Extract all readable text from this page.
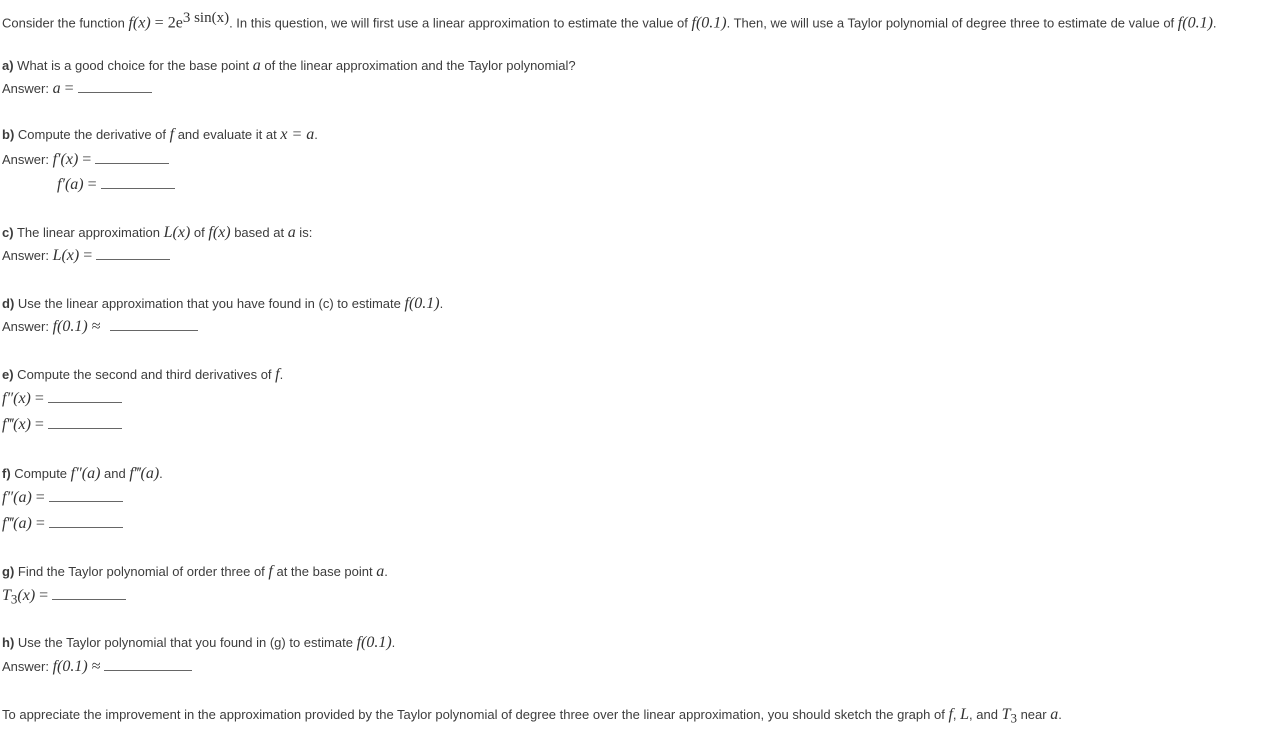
Consider the function $f(x) = 2e^{3 sin(x)}$. In this question, we will first use a linear approximation to estimate the value of f(0.1). Then, we will use a Taylor polynomial of degree three to estimate de value of f(0.1).
a) What is a good choice for the base point a of the linear approximation and the Taylor polynomial?
Answer: a =
b) Compute the derivative of f and evaluate it at x = a.
Answer: f′(x) =
f′(a) =
c) The linear approximation L(x) of f(x) based at a is:
Answer: L(x) =
d) Use the linear approximation that you have found in (c) to estimate f(0.1).
Answer: f(0.1) ≈
e) Compute the second and third derivatives of f.
f″(x) =
f‴(x) =
f) Compute f″(a) and f‴(a).
f″(a) =
f‴(a) =
g) Find the Taylor polynomial of order three of f at the base point a.
$T_3(x)$ =
h) Use the Taylor polynomial that you found in (g) to estimate f(0.1).
Answer: f(0.1) ≈
To appreciate the improvement in the approximation provided by the Taylor polynomial of degree three over the linear approximation, you should sketch the graph of f, L, and $T_3$ near a.
